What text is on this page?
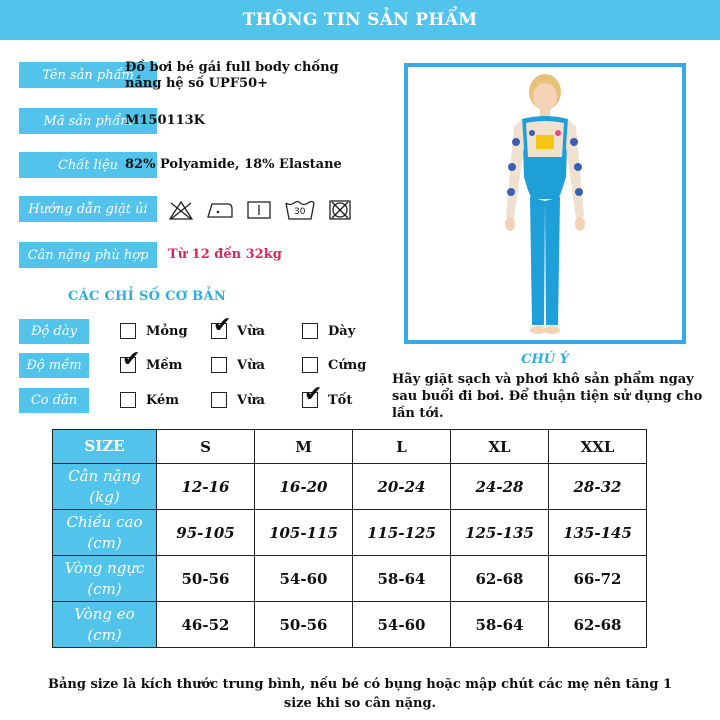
THÔNG TIN SẢN PHẨM
Tên sản phẩm
Đồ bơi bé gái full body chống nắng hệ số UPF50+
Mã sản phẩm
M150113K
Chất liệu 82% Polyamide, 18% Elastane
Hướng dẫn giặt ủi	30
Cân nặng phù hợp	Từ 12 đến 32kg
CÁC CHỈ SỐ CƠ BẢN
Độ dày	Mỏng ✔ Vừa	Dày
Độ mềm	✔ Mềm	Vừa	Cứng
Co dãn	Kém	Vừa ✔ Tốt
CHÚ Ý
Hãy giặt sạch và phơi khô sản phẩm ngay sau buổi đi bơi. Để thuận tiện sử dụng cho lần tới.
SIZE	S	M	L	XL	XXL
Cân nặng
(kg)	12-16	16-20	20-24	24-28	28-32
Chiều cao
(cm)	95-105	105-115	115-125	125-135	135-145
Vòng ngực
(cm)	50-56	54-60	58-64	62-68	66-72
Vòng eo
(cm)	46-52	50-56	54-60	58-64	62-68
Bảng size là kích thước trung bình, nếu bé có bụng hoặc mập chút các mẹ nên tăng 1 size khi so cân nặng.
